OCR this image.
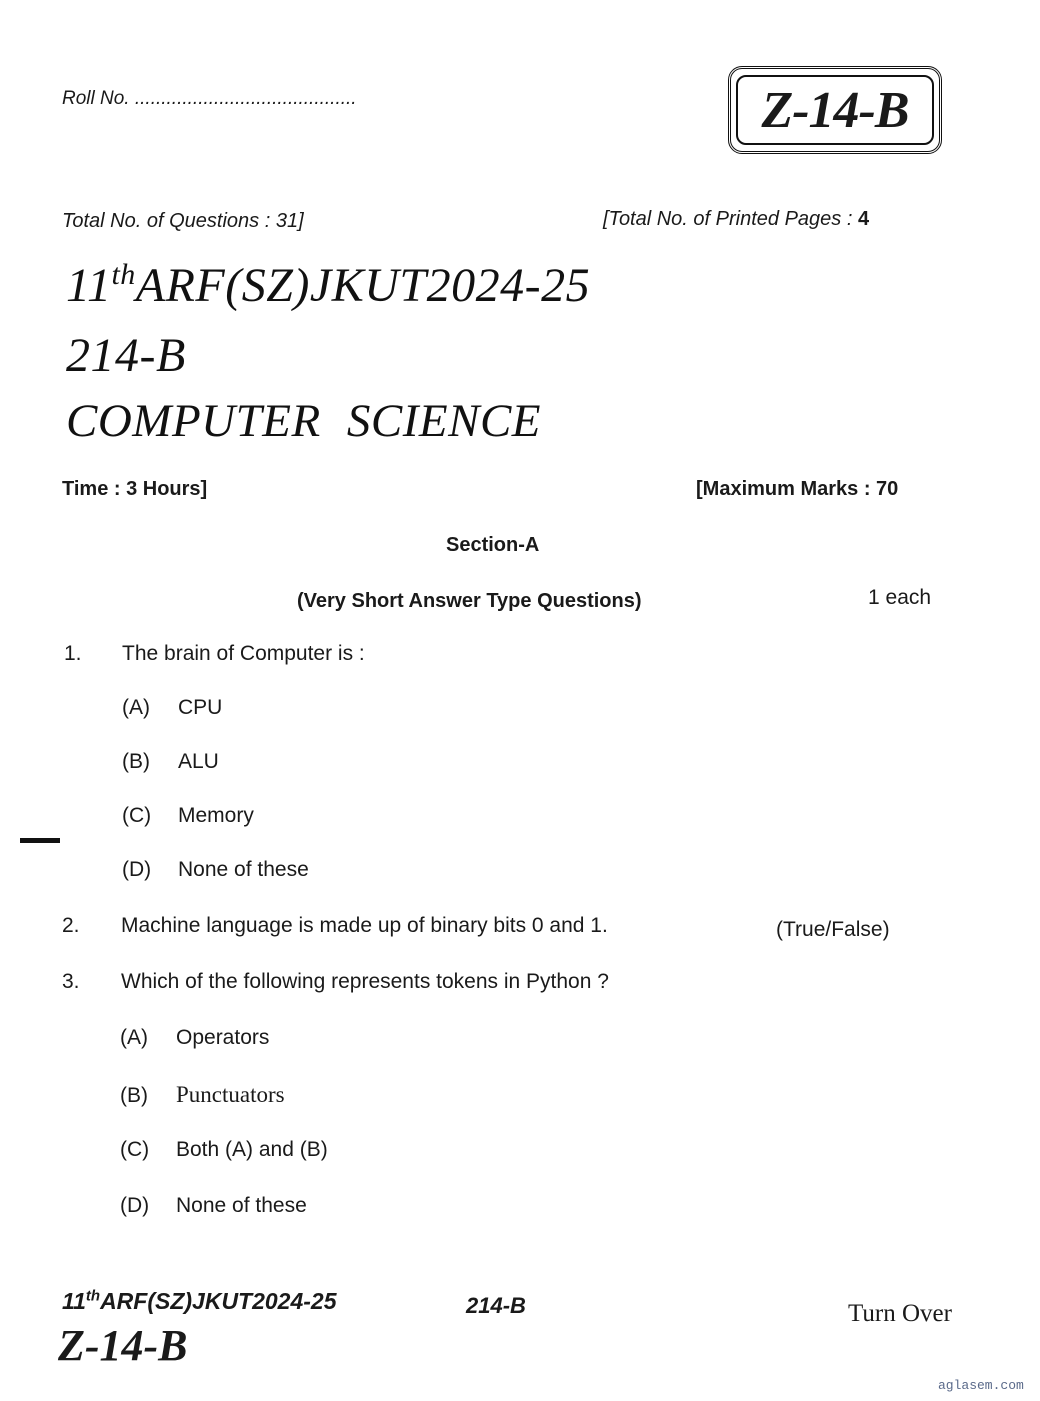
Roll No. ..........................................	Z-14-B
Total No. of Questions : 31]	[Total No. of Printed Pages : 4
11thARF(SZ)JKUT2024-25
214-B
COMPUTER SCIENCE
Time : 3 Hours]	[Maximum Marks : 70
Section-A
(Very Short Answer Type Questions)	1 each
1. The brain of Computer is :
(A) CPU
(B) ALU
(C) Memory
(D) None of these
2. Machine language is made up of binary bits 0 and 1.	(True/False)
3. Which of the following represents tokens in Python ?
(A) Operators
(B) Punctuators
(C) Both (A) and (B)
(D) None of these
11thARF(SZ)JKUT2024-25	214-B
Z-14-B
Turn Over
aglasem.com
